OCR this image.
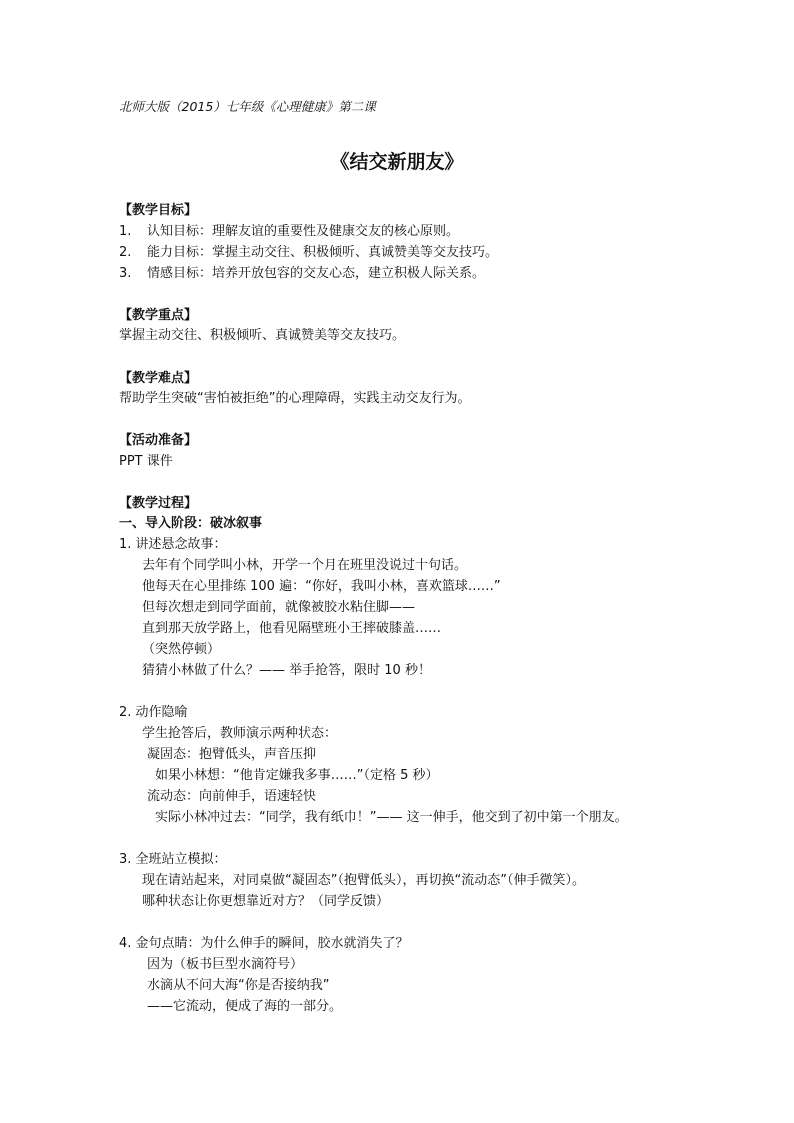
北师大版（2015）七年级《心理健康》第二课
《结交新朋友》
【教学目标】
1. 认知目标：理解友谊的重要性及健康交友的核心原则。
2. 能力目标：掌握主动交往、积极倾听、真诚赞美等交友技巧。
3. 情感目标：培养开放包容的交友心态，建立积极人际关系。
【教学重点】
掌握主动交往、积极倾听、真诚赞美等交友技巧。
【教学难点】
帮助学生突破“害怕被拒绝”的心理障碍，实践主动交友行为。
【活动准备】
PPT 课件
【教学过程】
一、导入阶段：破冰叙事
1. 讲述悬念故事：
去年有个同学叫小林，开学一个月在班里没说过十句话。
他每天在心里排练 100 遍：“你好，我叫小林，喜欢篮球……”
但每次想走到同学面前，就像被胶水粘住脚——
直到那天放学路上，他看见隔壁班小王摔破膝盖……
（突然停顿）
猜猜小林做了什么？—— 举手抢答，限时 10 秒！
2. 动作隐喻
学生抢答后，教师演示两种状态：
凝固态：抱臂低头，声音压抑
如果小林想：“他肯定嫌我多事……”（定格 5 秒）
流动态：向前伸手，语速轻快
实际小林冲过去：“同学，我有纸巾！”—— 这一伸手，他交到了初中第一个朋友。
3. 全班站立模拟：
现在请站起来，对同桌做“凝固态”（抱臂低头），再切换“流动态”（伸手微笑）。
哪种状态让你更想靠近对方？（同学反馈）
4. 金句点睛：为什么伸手的瞬间，胶水就消失了？
因为（板书巨型水滴符号）
水滴从不问大海“你是否接纳我”
——它流动，便成了海的一部分。
